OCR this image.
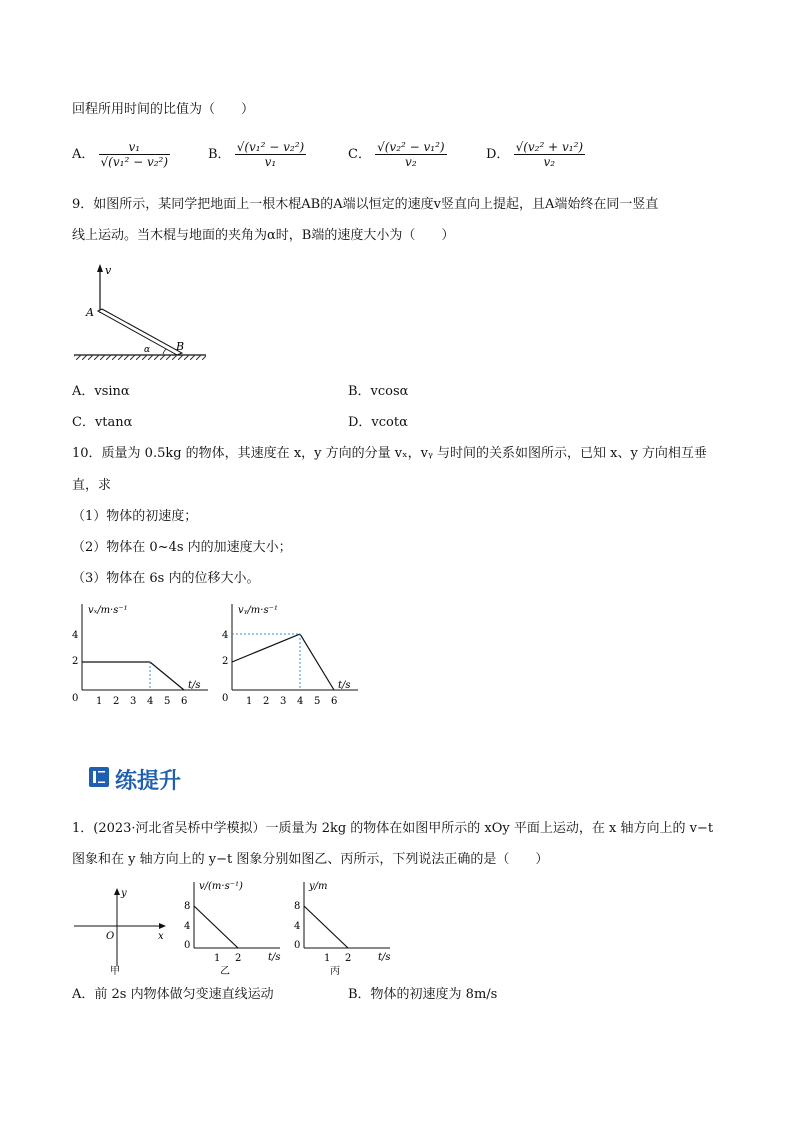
回程所用时间的比值为（　　）
A． $\frac{\text{v₁}}{\text{√(v₁² − v₂²)}}$	B． $\frac{\text{√(v₁² − v₂²)}}{\text{v₁}}$	C． $\frac{\text{√(v₂² − v₁²)}}{\text{v₂}}$	D． $\frac{\text{√(v₂² + v₁²)}}{\text{v₂}}$
9．如图所示，某同学把地面上一根木棍AB的A端以恒定的速度v竖直向上提起，且A端始终在同一竖直
线上运动。当木棍与地面的夹角为α时，B端的速度大小为（　　）
v
A
B
α
A．vsinα	B．vcosα
C．vtanα	D．vcotα
10．质量为 0.5kg 的物体，其速度在 x，y 方向的分量 vₓ，vᵧ 与时间的关系如图所示，已知 x、y 方向相互垂
直，求
（1）物体的初速度；
（2）物体在 0~4s 内的加速度大小；
（3）物体在 6s 内的位移大小。
vₓ/m·s⁻¹
t/s
0
2
4
1 2 3 4 5 6
vᵧ/m·s⁻¹
t/s
0
2
4
1 2 3 4 5 6
练提升
1．(2023·河北省吴桥中学模拟）一质量为 2kg 的物体在如图甲所示的 xOy 平面上运动，在 x 轴方向上的 v−t
图象和在 y 轴方向上的 y−t 图象分别如图乙、丙所示，下列说法正确的是（　　）
y
x
O
甲
v/(m·s⁻¹)
t/s
0
4
8
1 2
乙
y/m
t/s
0
4
8
1 2
丙
A．前 2s 内物体做匀变速直线运动	B．物体的初速度为 8m/s
